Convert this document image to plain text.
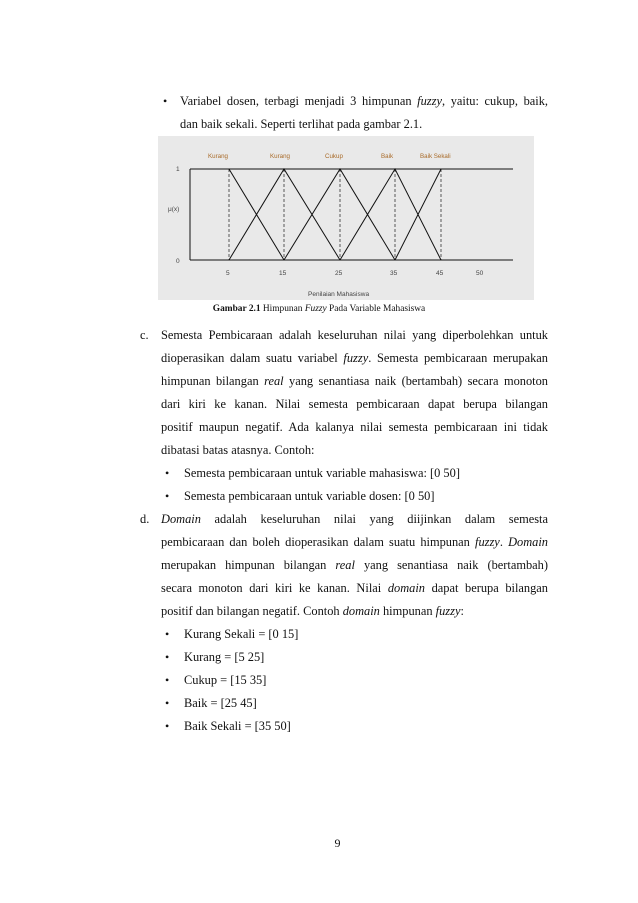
• Variabel dosen, terbagi menjadi 3 himpunan fuzzy, yaitu: cukup, baik,
dan baik sekali. Seperti terlihat pada gambar 2.1.
Kurang	Kurang	Cukup	Baik	Baik Sekali
1
μ(x)
0
5	15	25	35	45	50
Penilaian Mahasiswa
Gambar 2.1 Himpunan Fuzzy Pada Variable Mahasiswa
c. Semesta Pembicaraan adalah keseluruhan nilai yang diperbolehkan untuk
dioperasikan dalam suatu variabel fuzzy. Semesta pembicaraan merupakan
himpunan bilangan real yang senantiasa naik (bertambah) secara monoton
dari kiri ke kanan. Nilai semesta pembicaraan dapat berupa bilangan
positif maupun negatif. Ada kalanya nilai semesta pembicaraan ini tidak
dibatasi batas atasnya. Contoh:
• Semesta pembicaraan untuk variable mahasiswa: [0 50]
• Semesta pembicaraan untuk variable dosen: [0 50]
d. Domain adalah keseluruhan nilai yang diijinkan dalam semesta
pembicaraan dan boleh dioperasikan dalam suatu himpunan fuzzy. Domain
merupakan himpunan bilangan real yang senantiasa naik (bertambah)
secara monoton dari kiri ke kanan. Nilai domain dapat berupa bilangan
positif dan bilangan negatif. Contoh domain himpunan fuzzy:
• Kurang Sekali = [0 15]
• Kurang = [5 25]
• Cukup = [15 35]
• Baik = [25 45]
• Baik Sekali = [35 50]
9
